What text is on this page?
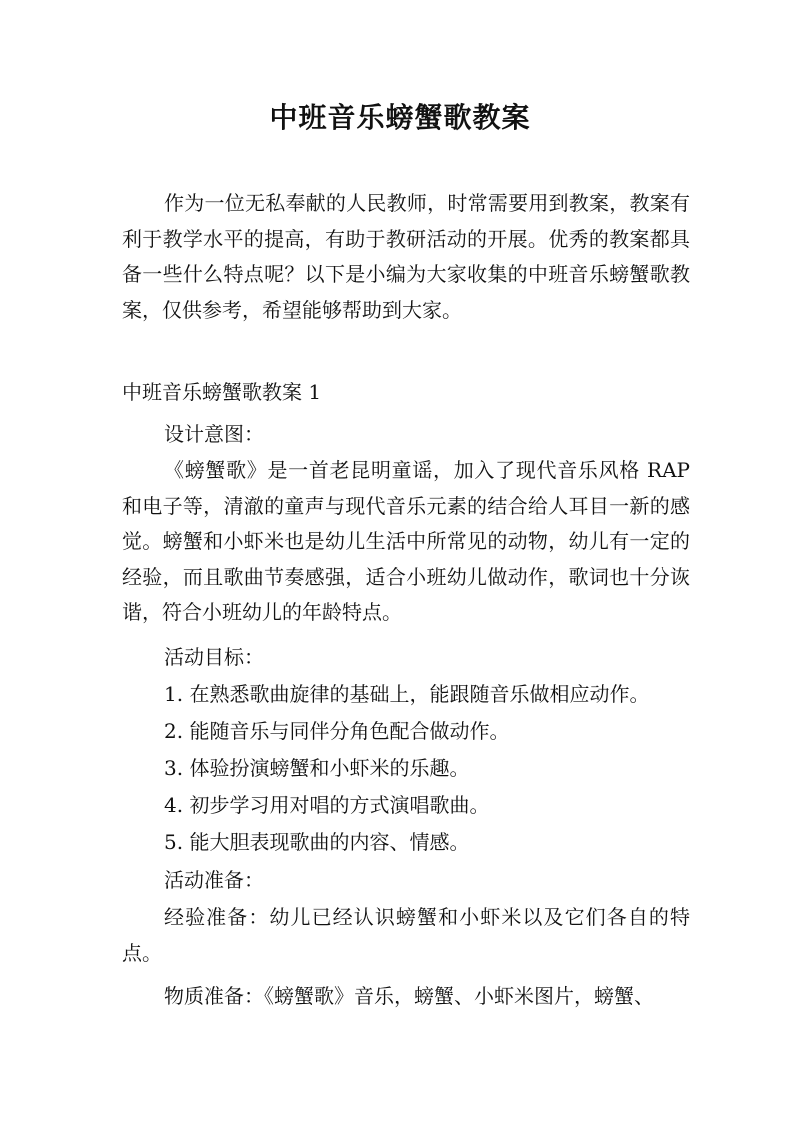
中班音乐螃蟹歌教案

作为一位无私奉献的人民教师，时常需要用到教案，教案有利于教学水平的提高，有助于教研活动的开展。优秀的教案都具备一些什么特点呢？以下是小编为大家收集的中班音乐螃蟹歌教案，仅供参考，希望能够帮助到大家。

中班音乐螃蟹歌教案 1

设计意图：

《螃蟹歌》是一首老昆明童谣，加入了现代音乐风格 RAP 和电子等，清澈的童声与现代音乐元素的结合给人耳目一新的感觉。螃蟹和小虾米也是幼儿生活中所常见的动物，幼儿有一定的经验，而且歌曲节奏感强，适合小班幼儿做动作，歌词也十分诙谐，符合小班幼儿的年龄特点。

活动目标：

1. 在熟悉歌曲旋律的基础上，能跟随音乐做相应动作。

2. 能随音乐与同伴分角色配合做动作。

3. 体验扮演螃蟹和小虾米的乐趣。

4. 初步学习用对唱的方式演唱歌曲。

5. 能大胆表现歌曲的内容、情感。

活动准备：

经验准备：幼儿已经认识螃蟹和小虾米以及它们各自的特点。

物质准备：《螃蟹歌》音乐，螃蟹、小虾米图片，螃蟹、
